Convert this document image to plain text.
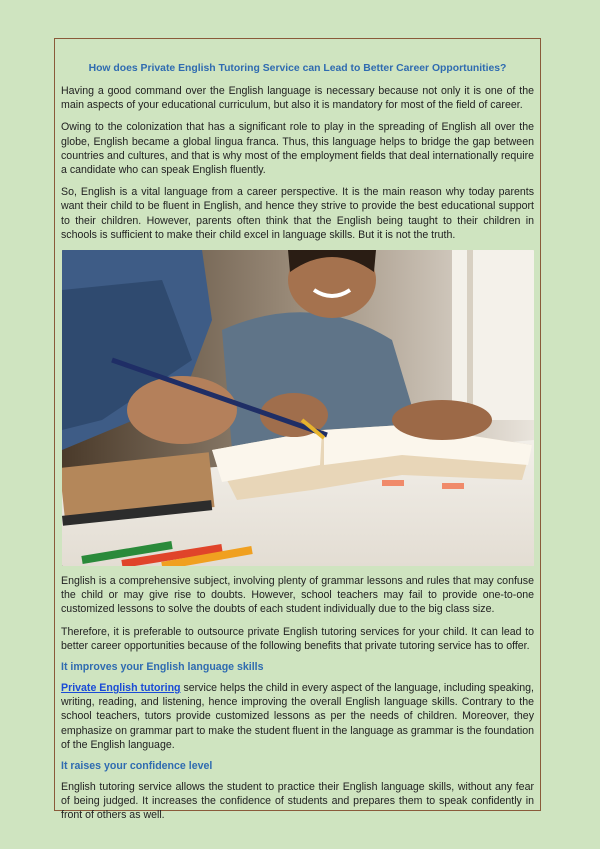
How does Private English Tutoring Service can Lead to Better Career Opportunities?

Having a good command over the English language is necessary because not only it is one of the main aspects of your educational curriculum, but also it is mandatory for most of the field of career.

Owing to the colonization that has a significant role to play in the spreading of English all over the globe, English became a global lingua franca. Thus, this language helps to bridge the gap between countries and cultures, and that is why most of the employment fields that deal internationally require a candidate who can speak English fluently.

So, English is a vital language from a career perspective. It is the main reason why today parents want their child to be fluent in English, and hence they strive to provide the best educational support to their children. However, parents often think that the English being taught to their children in schools is sufficient to make their child excel in language skills. But it is not the truth.

English is a comprehensive subject, involving plenty of grammar lessons and rules that may confuse the child or may give rise to doubts. However, school teachers may fail to provide one-to-one customized lessons to solve the doubts of each student individually due to the big class size.

Therefore, it is preferable to outsource private English tutoring services for your child. It can lead to better career opportunities because of the following benefits that private tutoring service has to offer.

It improves your English language skills

Private English tutoring service helps the child in every aspect of the language, including speaking, writing, reading, and listening, hence improving the overall English language skills. Contrary to the school teachers, tutors provide customized lessons as per the needs of children. Moreover, they emphasize on grammar part to make the student fluent in the language as grammar is the foundation of the English language.

It raises your confidence level

English tutoring service allows the student to practice their English language skills, without any fear of being judged. It increases the confidence of students and prepares them to speak confidently in front of others as well.
